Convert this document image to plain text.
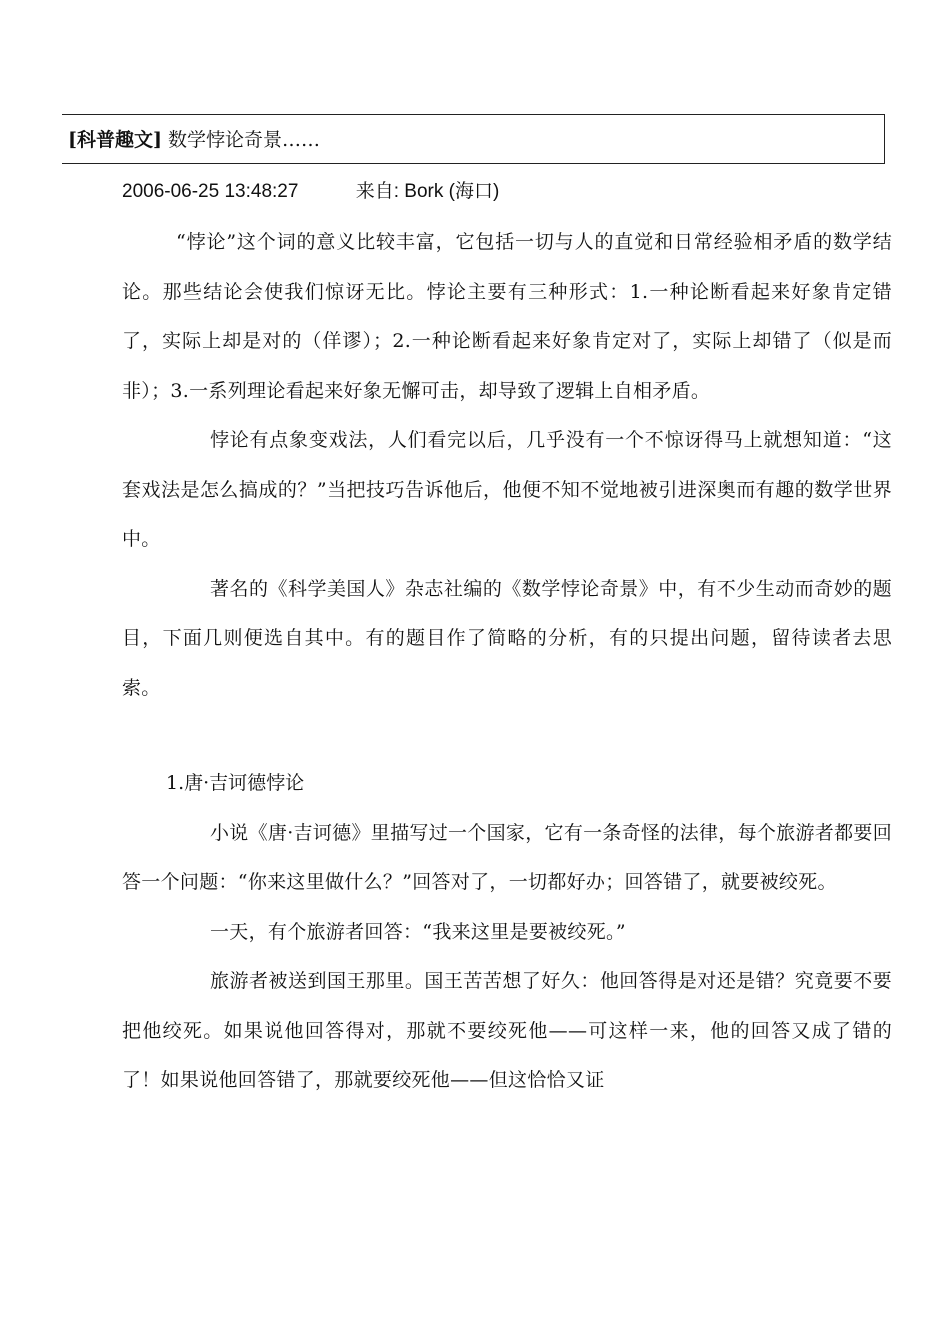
[科普趣文] 数学悖论奇景……
2006-06-25 13:48:27	来自: Bork (海口)

“悖论”这个词的意义比较丰富，它包括一切与人的直觉和日常经验相矛盾的数学结论。那些结论会使我们惊讶无比。悖论主要有三种形式：1.一种论断看起来好象肯定错了，实际上却是对的（佯谬）；2.一种论断看起来好象肯定对了，实际上却错了（似是而非）；3.一系列理论看起来好象无懈可击，却导致了逻辑上自相矛盾。

悖论有点象变戏法，人们看完以后，几乎没有一个不惊讶得马上就想知道：“这套戏法是怎么搞成的？”当把技巧告诉他后，他便不知不觉地被引进深奥而有趣的数学世界中。

著名的《科学美国人》杂志社编的《数学悖论奇景》中，有不少生动而奇妙的题目，下面几则便选自其中。有的题目作了简略的分析，有的只提出问题，留待读者去思索。

1.唐·吉诃德悖论

小说《唐·吉诃德》里描写过一个国家，它有一条奇怪的法律，每个旅游者都要回答一个问题：“你来这里做什么？”回答对了，一切都好办；回答错了，就要被绞死。

一天，有个旅游者回答：“我来这里是要被绞死。”

旅游者被送到国王那里。国王苦苦想了好久：他回答得是对还是错？究竟要不要把他绞死。如果说他回答得对，那就不要绞死他——可这样一来，他的回答又成了错的了！如果说他回答错了，那就要绞死他——但这恰恰又证
